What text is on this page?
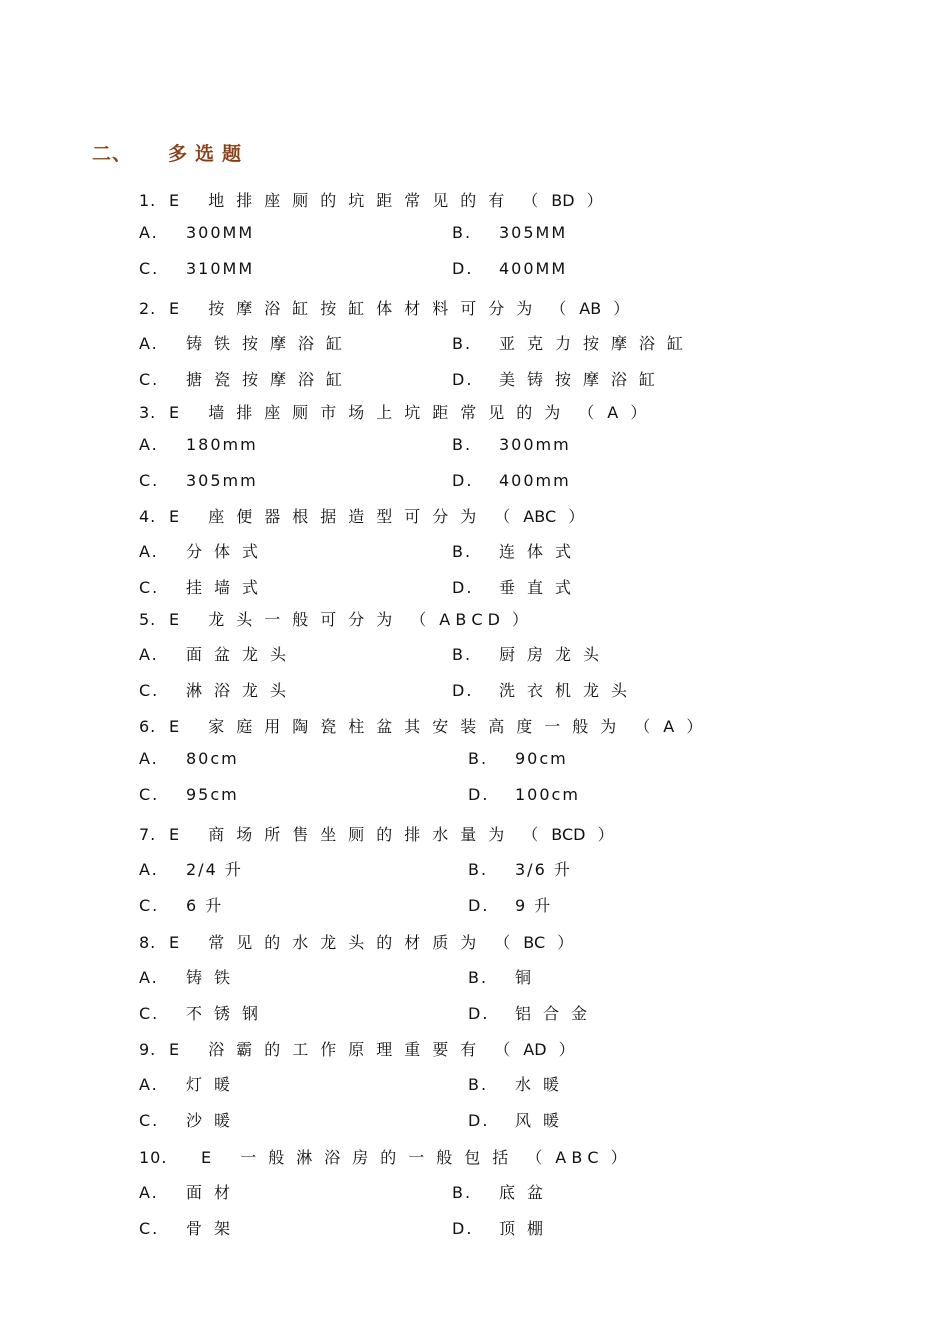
二、 多选题
1. E 地排座厕的坑距常见的有 （ BD ）
A. 300MM	B. 305MM
C. 310MM	D. 400MM
2. E 按摩浴缸按缸体材料可分为 （ AB ）
A. 铸铁按摩浴缸	B. 亚克力按摩浴缸
C. 搪瓷按摩浴缸	D. 美铸按摩浴缸
3. E 墙排座厕市场上坑距常见的为 （ A ）
A. 180mm	B. 300mm
C. 305mm	D. 400mm
4. E 座便器根据造型可分为 （ ABC ）
A. 分体式	B. 连体式
C. 挂墙式	D. 垂直式
5. E 龙头一般可分为 （ A B C D ）
A. 面盆龙头	B. 厨房龙头
C. 淋浴龙头	D. 洗衣机龙头
6. E 家庭用陶瓷柱盆其安装高度一般为 （ A ）
A. 80cm	B. 90cm
C. 95cm	D. 100cm
7. E 商场所售坐厕的排水量为 （ BCD ）
A. 2/4 升	B. 3/6 升
C. 6 升	D. 9 升
8. E 常见的水龙头的材质为 （ BC ）
A. 铸铁	B. 铜
C. 不锈钢	D. 铝合金
9. E 浴霸的工作原理重要有 （ AD ）
A. 灯暖	B. 水暖
C. 沙暖	D. 风暖
10. E 一般淋浴房的一般包括 （ A B C ）
A. 面材	B. 底盆
C. 骨架	D. 顶棚
